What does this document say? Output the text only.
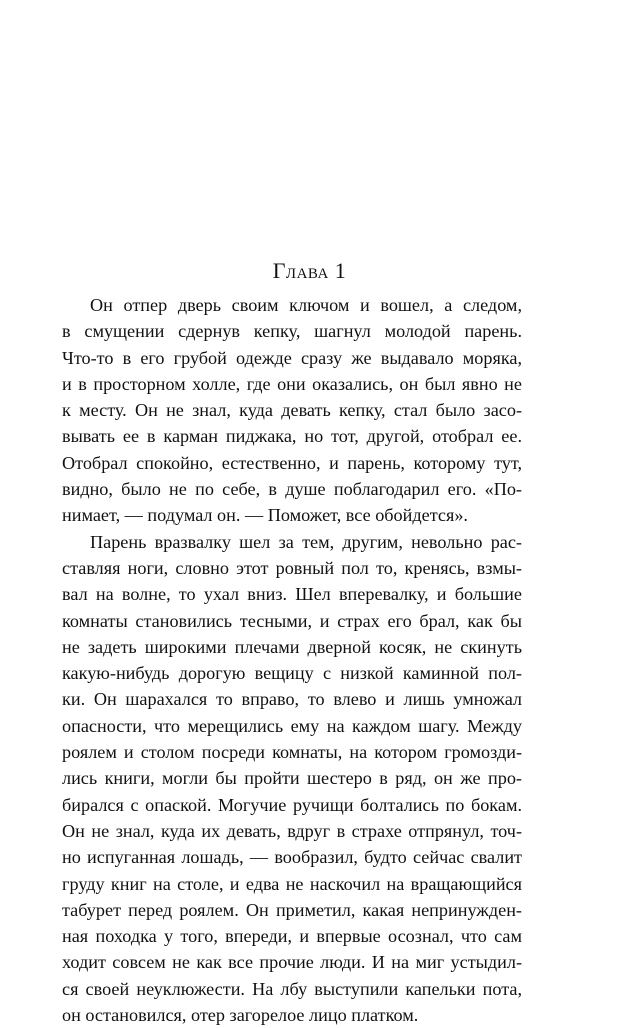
Глава 1
Он отпер дверь своим ключом и вошел, а следом,
в смущении сдернув кепку, шагнул молодой парень.
Что-то в его грубой одежде сразу же выдавало моряка,
и в просторном холле, где они оказались, он был явно не
к месту. Он не знал, куда девать кепку, стал было засо-
вывать ее в карман пиджака, но тот, другой, отобрал ее.
Отобрал спокойно, естественно, и парень, которому тут,
видно, было не по себе, в душе поблагодарил его. «По-
нимает, — подумал он. — Поможет, все обойдется».
Парень вразвалку шел за тем, другим, невольно рас-
ставляя ноги, словно этот ровный пол то, кренясь, взмы-
вал на волне, то ухал вниз. Шел вперевалку, и большие
комнаты становились тесными, и страх его брал, как бы
не задеть широкими плечами дверной косяк, не скинуть
какую-нибудь дорогую вещицу с низкой каминной пол-
ки. Он шарахался то вправо, то влево и лишь умножал
опасности, что мерещились ему на каждом шагу. Между
роялем и столом посреди комнаты, на котором громозди-
лись книги, могли бы пройти шестеро в ряд, он же про-
бирался с опаской. Могучие ручищи болтались по бокам.
Он не знал, куда их девать, вдруг в страхе отпрянул, точ-
но испуганная лошадь, — вообразил, будто сейчас свалит
груду книг на столе, и едва не наскочил на вращающийся
табурет перед роялем. Он приметил, какая непринужден-
ная походка у того, впереди, и впервые осознал, что сам
ходит совсем не как все прочие люди. И на миг устыдил-
ся своей неуклюжести. На лбу выступили капельки пота,
он остановился, отер загорелое лицо платком.
